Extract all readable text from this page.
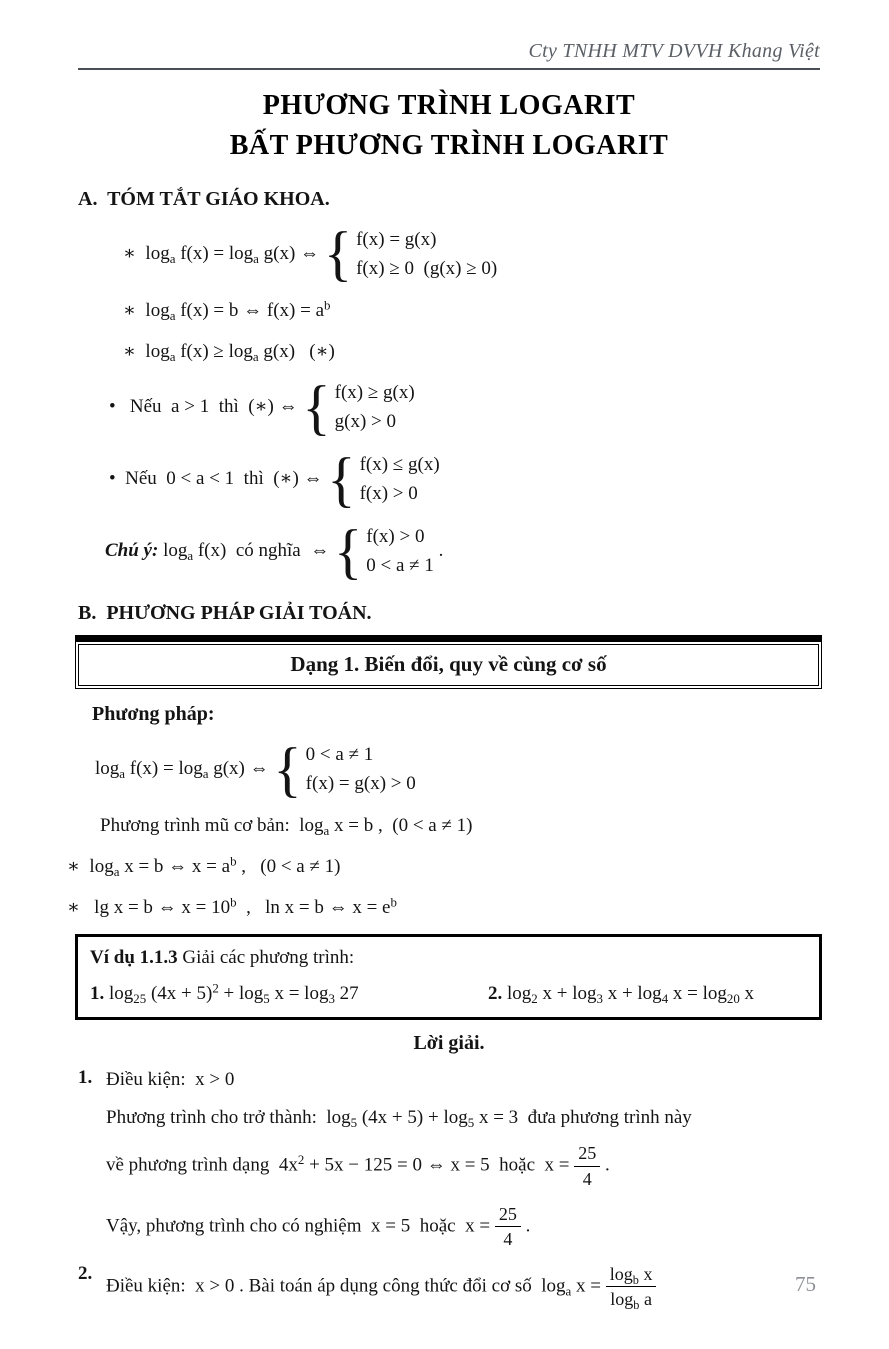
Cty TNHH MTV DVVH Khang Việt
PHƯƠNG TRÌNH LOGARIT
BẤT PHƯƠNG TRÌNH LOGARIT
A.  TÓM TẮT GIÁO KHOA.
∗  $\log_a f(x) = \log_a g(x)$ ⇔ { f(x) = g(x)
f(x) ≥ 0  (g(x) ≥ 0)
∗  $\log_a f(x) = b$ ⇔ $f(x) = a^b$
∗  $\log_a f(x) \ge \log_a g(x)$   (∗)
•   Nếu  a > 1  thì  (∗) ⇔ { f(x) ≥ g(x)
g(x) > 0
•  Nếu  0 < a < 1  thì  (∗) ⇔ { f(x) ≤ g(x)
f(x) > 0
Chú ý: $\log_a f(x)$  có nghĩa  ⇔ { f(x) > 0
0 < a ≠ 1
.
B.  PHƯƠNG PHÁP GIẢI TOÁN.
Dạng 1. Biến đổi, quy về cùng cơ số
Phương pháp:
$\log_a f(x) = \log_a g(x)$ ⇔ { 0 < a ≠ 1
f(x) = g(x) > 0
Phương trình mũ cơ bản:  $\log_a x = b$ ,  (0 < a ≠ 1)
∗  $\log_a x = b$ ⇔ $x = a^b$ ,   (0 < a ≠ 1)
∗   lg x = b ⇔ $x = 10^b$  ,   ln x = b ⇔ $x = e^b$
Ví dụ 1.1.3 Giải các phương trình:
1. $\log_{25} (4x + 5)^2 + \log_5 x = \log_3 27$	2. $\log_2 x + \log_3 x + \log_4 x = \log_{20} x$
Lời giải.
1. Điều kiện:  x > 0
Phương trình cho trở thành:  $\log_5 (4x + 5) + \log_5 x = 3$  đưa phương trình này
về phương trình dạng  $4x^2 + 5x - 125 = 0$ ⇔ x = 5  hoặc  $x = \frac{25}{4}$ .
Vậy, phương trình cho có nghiệm  x = 5  hoặc  $x = \frac{25}{4}$ .
2.
Điều kiện:  x > 0 . Bài toán áp dụng công thức đổi cơ số  $\log_a x = \frac{\log_b x}{\log_b a}$	75
